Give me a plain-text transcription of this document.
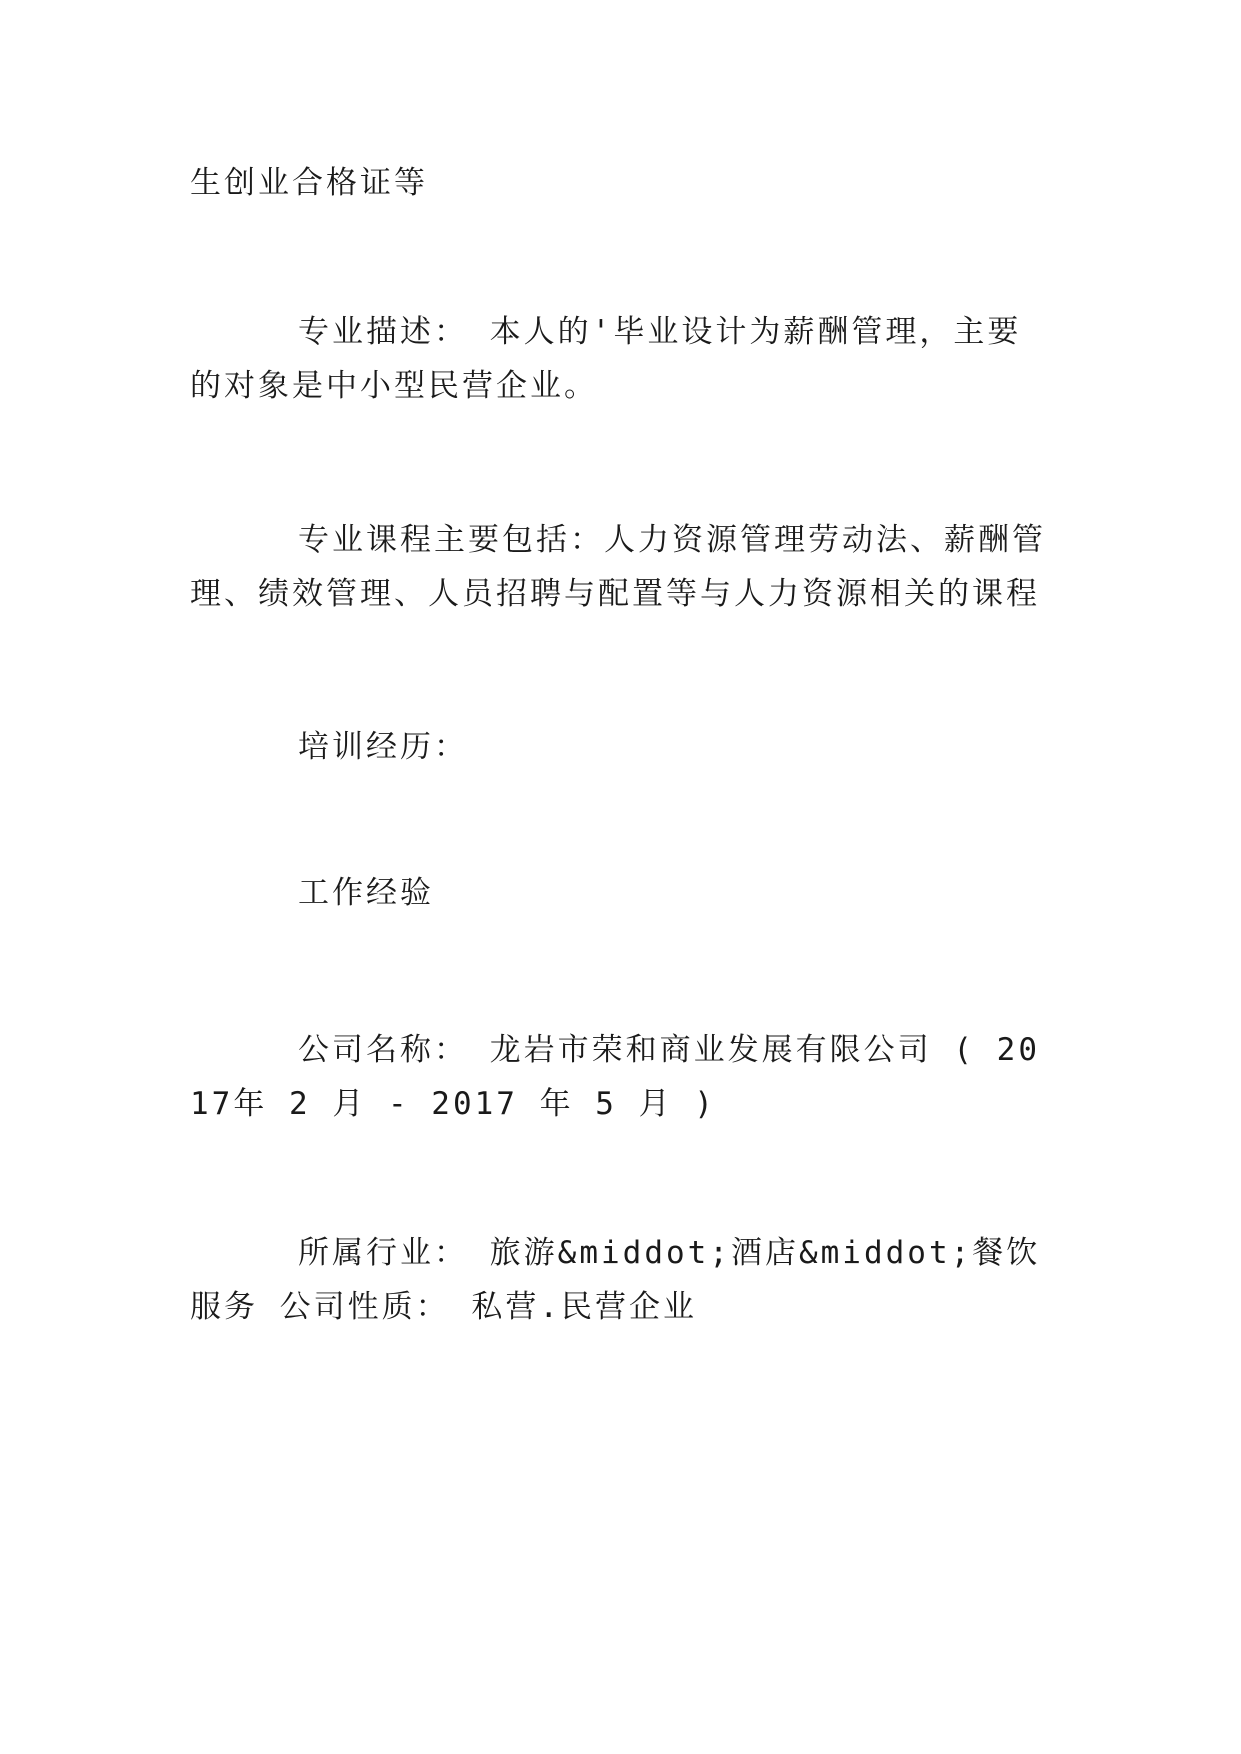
生创业合格证等

专业描述： 本人的'毕业设计为薪酬管理，主要的对象是中小型民营企业。

专业课程主要包括：人力资源管理劳动法、薪酬管理、绩效管理、人员招聘与配置等与人力资源相关的课程

培训经历：

工作经验

公司名称： 龙岩市荣和商业发展有限公司 ( 2017年 2 月 - 2017 年 5 月 )

所属行业： 旅游&middot;酒店&middot;餐饮服务 公司性质： 私营.民营企业
